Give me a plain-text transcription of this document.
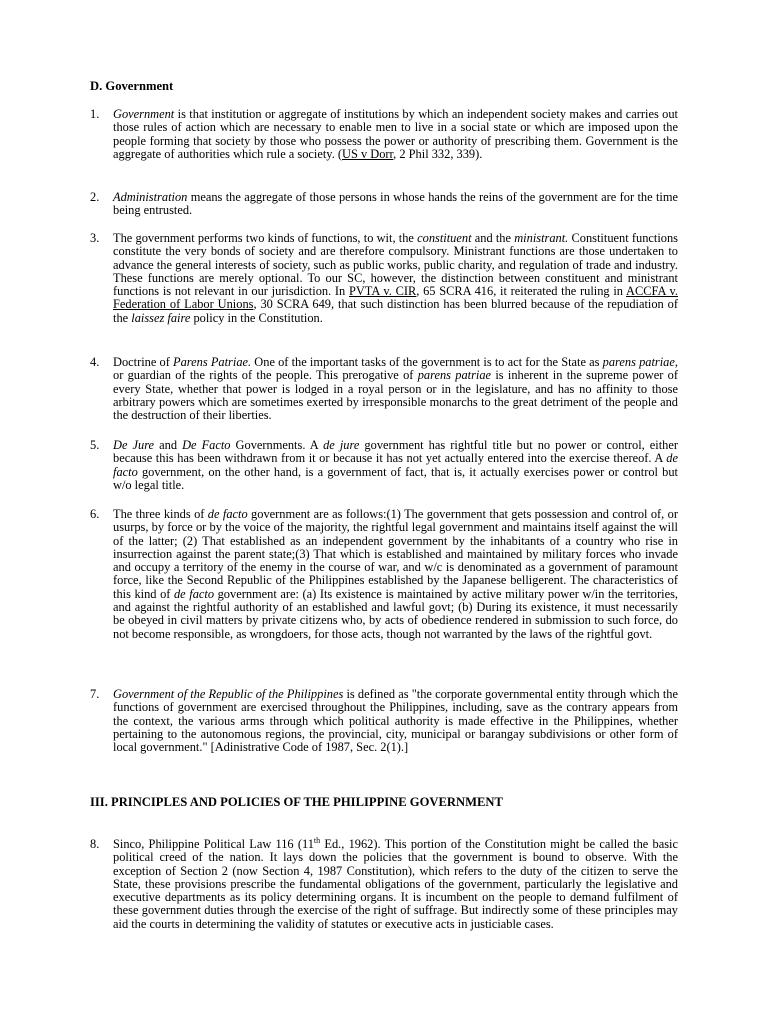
D. Government
1.	Government is that institution or aggregate of institutions by which an independent society makes and carries out those rules of action which are necessary to enable men to live in a social state or which are imposed upon the people forming that society by those who possess the power or authority of prescribing them. Government is the aggregate of authorities which rule a society. (US v Dorr, 2 Phil 332, 339).
2.	Administration means the aggregate of those persons in whose hands the reins of the government are for the time being entrusted.
3.	The government performs two kinds of functions, to wit, the constituent and the ministrant. Constituent functions constitute the very bonds of society and are therefore compulsory. Ministrant functions are those undertaken to advance the general interests of society, such as public works, public charity, and regulation of trade and industry. These functions are merely optional. To our SC, however, the distinction between constituent and ministrant functions is not relevant in our jurisdiction. In PVTA v. CIR, 65 SCRA 416, it reiterated the ruling in ACCFA v. Federation of Labor Unions, 30 SCRA 649, that such distinction has been blurred because of the repudiation of the laissez faire policy in the Constitution.
4.	Doctrine of Parens Patriae. One of the important tasks of the government is to act for the State as parens patriae, or guardian of the rights of the people. This prerogative of parens patriae is inherent in the supreme power of every State, whether that power is lodged in a royal person or in the legislature, and has no affinity to those arbitrary powers which are sometimes exerted by irresponsible monarchs to the great detriment of the people and the destruction of their liberties.
5.	De Jure and De Facto Governments. A de jure government has rightful title but no power or control, either because this has been withdrawn from it or because it has not yet actually entered into the exercise thereof. A de facto government, on the other hand, is a government of fact, that is, it actually exercises power or control but w/o legal title.
6.	The three kinds of de facto government are as follows:(1) The government that gets possession and control of, or usurps, by force or by the voice of the majority, the rightful legal government and maintains itself against the will of the latter; (2) That established as an independent government by the inhabitants of a country who rise in insurrection against the parent state;(3) That which is established and maintained by military forces who invade and occupy a territory of the enemy in the course of war, and w/c is denominated as a government of paramount force, like the Second Republic of the Philippines established by the Japanese belligerent. The characteristics of this kind of de facto government are: (a) Its existence is maintained by active military power w/in the territories, and against the rightful authority of an established and lawful govt; (b) During its existence, it must necessarily be obeyed in civil matters by private citizens who, by acts of obedience rendered in submission to such force, do not become responsible, as wrongdoers, for those acts, though not warranted by the laws of the rightful govt.
7.	Government of the Republic of the Philippines is defined as "the corporate governmental entity through which the functions of government are exercised throughout the Philippines, including, save as the contrary appears from the context, the various arms through which political authority is made effective in the Philippines, whether pertaining to the autonomous regions, the provincial, city, municipal or barangay subdivisions or other form of local government." [Adinistrative Code of 1987, Sec. 2(1).]
III. PRINCIPLES AND POLICIES OF THE PHILIPPINE GOVERNMENT
8.	Sinco, Philippine Political Law 116 (11th Ed., 1962). This portion of the Constitution might be called the basic political creed of the nation. It lays down the policies that the government is bound to observe. With the exception of Section 2 (now Section 4, 1987 Constitution), which refers to the duty of the citizen to serve the State, these provisions prescribe the fundamental obligations of the government, particularly the legislative and executive departments as its policy determining organs. It is incumbent on the people to demand fulfilment of these government duties through the exercise of the right of suffrage. But indirectly some of these principles may aid the courts in determining the validity of statutes or executive acts in justiciable cases.
